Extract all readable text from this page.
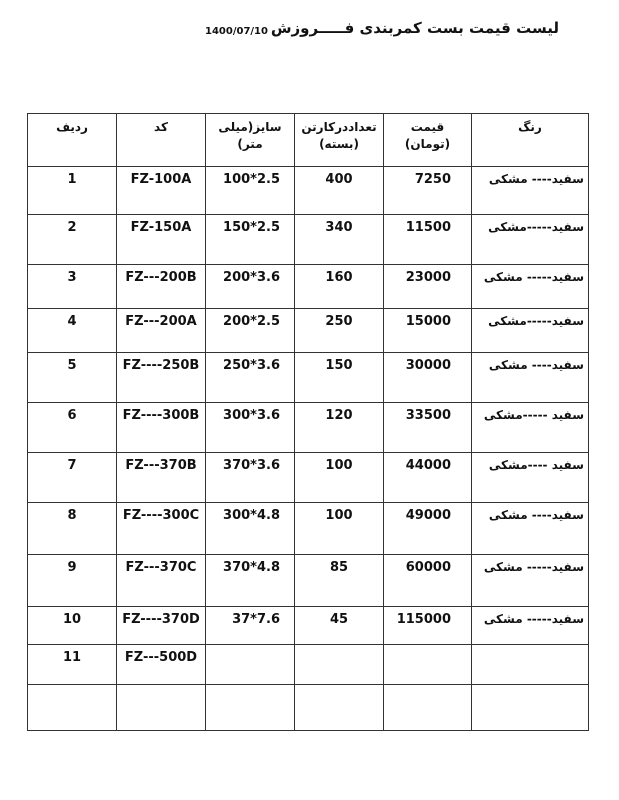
لیست قیمت بست کمربندی فـــــروزش
1400/07/10
ردیف	کد	سایز(میلی متر)	تعداددرکارتن (بسته)	قیمت (تومان)	رنگ
1	FZ-100A	100*2.5	400	7250	سفید---- مشکی
2	FZ-150A	150*2.5	340	11500	سفید-----مشکی
3	FZ---200B	200*3.6	160	23000	سفید----- مشکی
4	FZ---200A	200*2.5	250	15000	سفید-----مشکی
5	FZ----250B	250*3.6	150	30000	سفید---- مشکی
6	FZ----300B	300*3.6	120	33500	سفید -----مشکی
7	FZ---370B	370*3.6	100	44000	سفید ----مشکی
8	FZ----300C	300*4.8	100	49000	سفید---- مشکی
9	FZ---370C	370*4.8	85	60000	سفید----- مشکی
10	FZ----370D	37*7.6	45	115000	سفید----- مشکی
11	FZ---500D				
